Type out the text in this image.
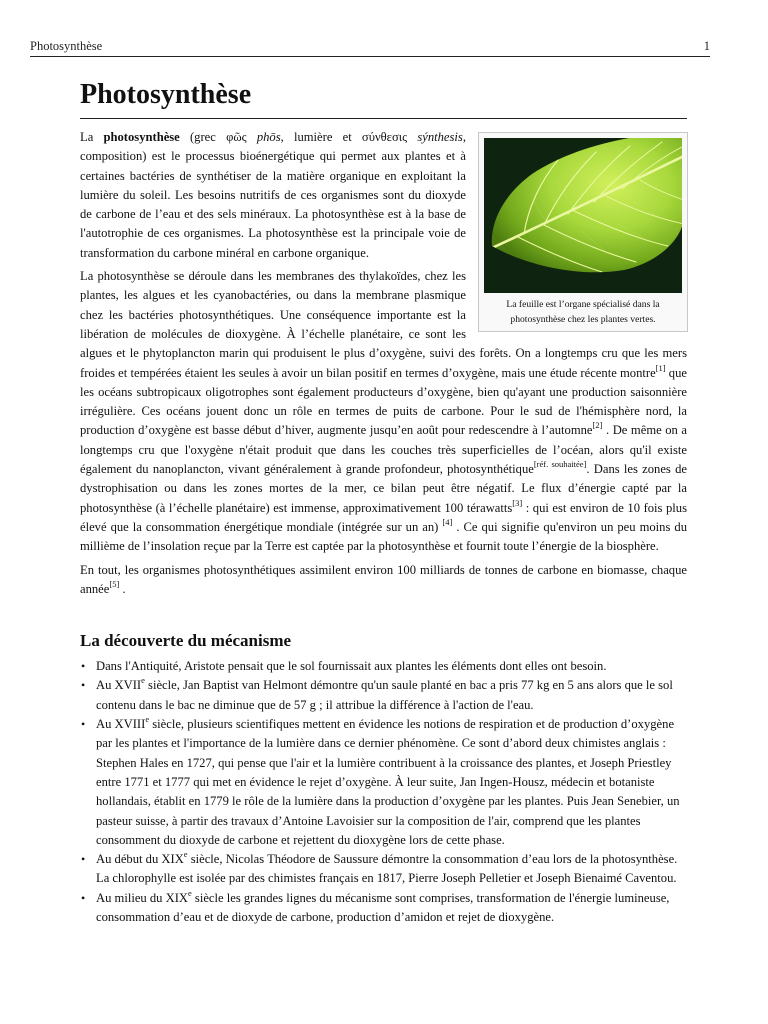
Photosynthèse	1
Photosynthèse
La feuille est l’organe spécialisé dans la photosynthèse chez les plantes vertes.

La photosynthèse (grec φῶς phōs, lumière et σύνθεσις sýnthesis, composition) est le processus bioénergétique qui permet aux plantes et à certaines bactéries de synthétiser de la matière organique en exploitant la lumière du soleil. Les besoins nutritifs de ces organismes sont du dioxyde de carbone de l’eau et des sels minéraux. La photosynthèse est à la base de l'autotrophie de ces organismes. La photosynthèse est la principale voie de transformation du carbone minéral en carbone organique.

La photosynthèse se déroule dans les membranes des thylakoïdes, chez les plantes, les algues et les cyanobactéries, ou dans la membrane plasmique chez les bactéries photosynthétiques. Une conséquence importante est la libération de molécules de dioxygène. À l’échelle planétaire, ce sont les algues et le phytoplancton marin qui produisent le plus d’oxygène, suivi des forêts. On a longtemps cru que les mers froides et tempérées étaient les seules à avoir un bilan positif en termes d’oxygène, mais une étude récente montre[1] que les océans subtropicaux oligotrophes sont également producteurs d’oxygène, bien qu'ayant une production saisonnière irrégulière. Ces océans jouent donc un rôle en termes de puits de carbone. Pour le sud de l'hémisphère nord, la production d’oxygène est basse début d’hiver, augmente jusqu’en août pour redescendre à l’automne[2] . De même on a longtemps cru que l'oxygène n'était produit que dans les couches très superficielles de l’océan, alors qu'il existe également du nanoplancton, vivant généralement à grande profondeur, photosynthétique[réf. souhaitée]. Dans les zones de dystrophisation ou dans les zones mortes de la mer, ce bilan peut être négatif. Le flux d’énergie capté par la photosynthèse (à l’échelle planétaire) est immense, approximativement 100 térawatts[3] : qui est environ de 10 fois plus élevé que la consommation énergétique mondiale (intégrée sur un an) [4] . Ce qui signifie qu'environ un peu moins du millième de l’insolation reçue par la Terre est captée par la photosynthèse et fournit toute l’énergie de la biosphère.

En tout, les organismes photosynthétiques assimilent environ 100 milliards de tonnes de carbone en biomasse, chaque année[5] .

La découverte du mécanisme
• Dans l'Antiquité, Aristote pensait que le sol fournissait aux plantes les éléments dont elles ont besoin.
• Au XVIIe siècle, Jan Baptist van Helmont démontre qu'un saule planté en bac a pris 77 kg en 5 ans alors que le sol contenu dans le bac ne diminue que de 57 g ; il attribue la différence à l'action de l'eau.
• Au XVIIIe siècle, plusieurs scientifiques mettent en évidence les notions de respiration et de production d’oxygène par les plantes et l'importance de la lumière dans ce dernier phénomène. Ce sont d’abord deux chimistes anglais : Stephen Hales en 1727, qui pense que l'air et la lumière contribuent à la croissance des plantes, et Joseph Priestley entre 1771 et 1777 qui met en évidence le rejet d’oxygène. À leur suite, Jan Ingen-Housz, médecin et botaniste hollandais, établit en 1779 le rôle de la lumière dans la production d’oxygène par les plantes. Puis Jean Senebier, un pasteur suisse, à partir des travaux d’Antoine Lavoisier sur la composition de l'air, comprend que les plantes consomment du dioxyde de carbone et rejettent du dioxygène lors de cette phase.
• Au début du XIXe siècle, Nicolas Théodore de Saussure démontre la consommation d’eau lors de la photosynthèse. La chlorophylle est isolée par des chimistes français en 1817, Pierre Joseph Pelletier et Joseph Bienaimé Caventou.
• Au milieu du XIXe siècle les grandes lignes du mécanisme sont comprises, transformation de l'énergie lumineuse, consommation d’eau et de dioxyde de carbone, production d’amidon et rejet de dioxygène.
